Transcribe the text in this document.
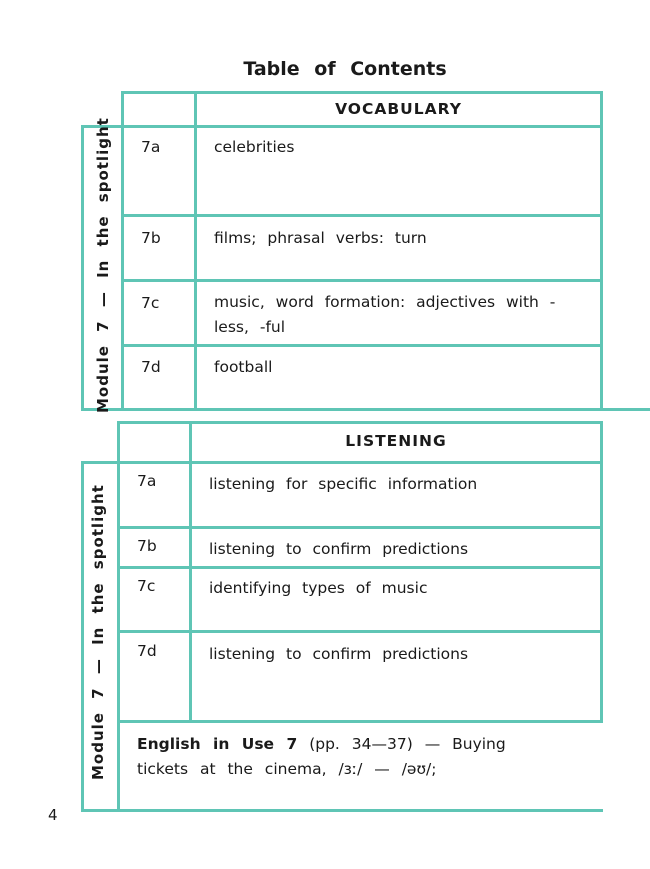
Table of Contents
VOCABULARY
Module 7 — In the spotlight 7a	celebrities
7b	films; phrasal verbs: turn
7c	music, word formation: adjectives with -less, -ful
7d	football
LISTENING
Module 7 — In the spotlight
7a	listening for specific information
7b	listening to confirm predictions
7c	identifying types of music
7d	listening to confirm predictions
English in Use 7 (pp. 34—37) — Buying tickets at the cinema, /ɜː/ — /əʊ/;
4
